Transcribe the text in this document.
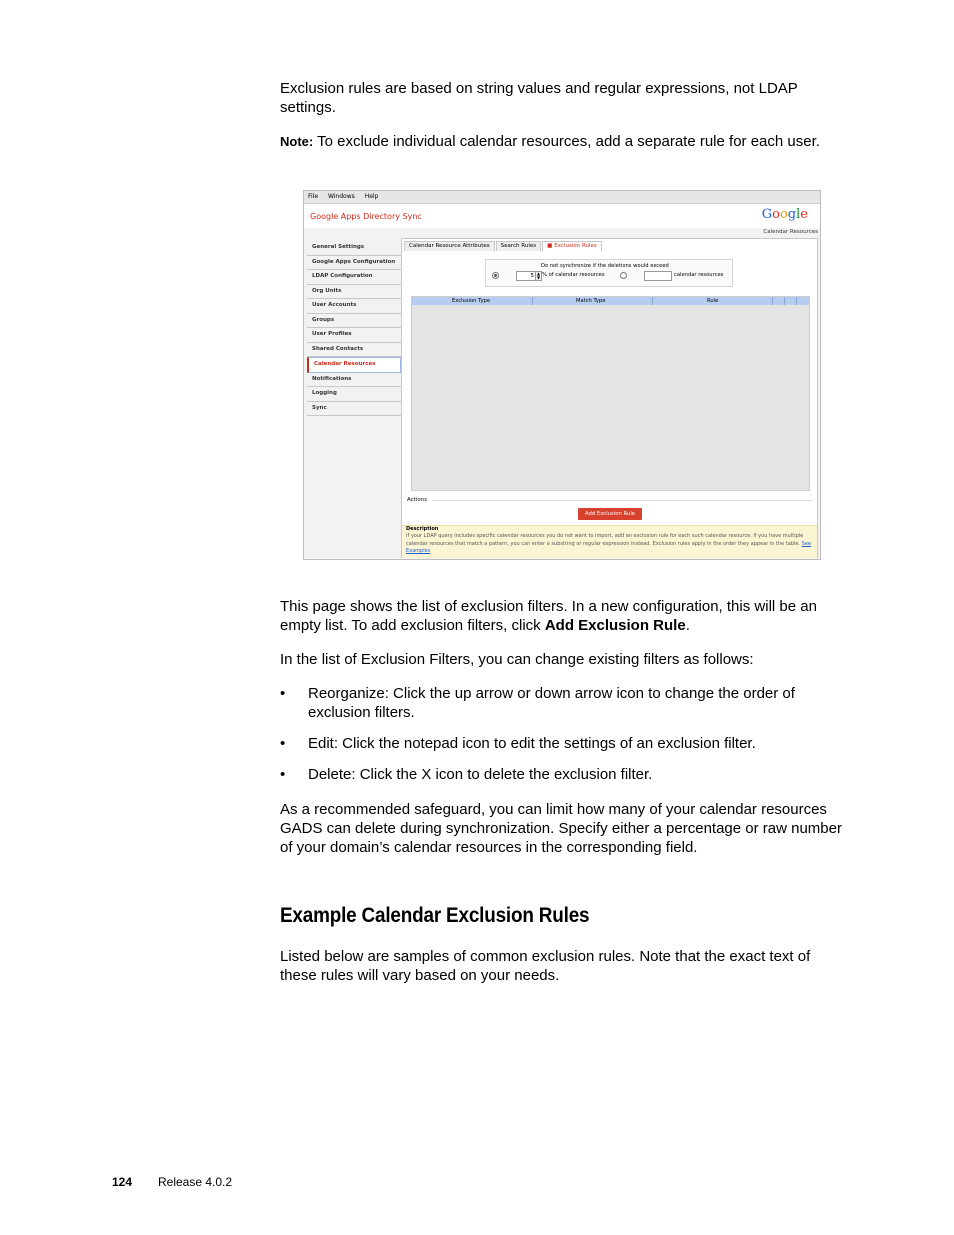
Exclusion rules are based on string values and regular expressions, not LDAP settings.

Note: To exclude individual calendar resources, add a separate rule for each user.

File Windows Help
Google Apps Directory Sync	Google
Calendar Resources
General Settings
Google Apps Configuration
LDAP Configuration
Org Units
User Accounts
Groups
User Profiles
Shared Contacts
Calendar Resources
Notifications
Logging
Sync
Calendar Resource Attributes Search Rules■	Exclusion Rules
Do not synchronize if the deletions would exceed
5 ▲
▼ % of calendar resources	calendar resources
Exclusion Type	Match Type	Rule
Actions
Add Exclusion Rule
Description
If your LDAP query includes specific calendar resources you do not want to import, add an exclusion rule for each such calendar resource. If you have multiple calendar resources that match a pattern, you can enter a substring or regular expression instead. Exclusion rules apply in the order they appear in the table. See Examples

This page shows the list of exclusion filters. In a new configuration, this will be an empty list. To add exclusion filters, click Add Exclusion Rule.

In the list of Exclusion Filters, you can change existing filters as follows:

• Reorganize: Click the up arrow or down arrow icon to change the order of exclusion filters.
• Edit: Click the notepad icon to edit the settings of an exclusion filter.
• Delete: Click the X icon to delete the exclusion filter.

As a recommended safeguard, you can limit how many of your calendar resources GADS can delete during synchronization. Specify either a percentage or raw number of your domain’s calendar resources in the corresponding field.

Example Calendar Exclusion Rules

Listed below are samples of common exclusion rules. Note that the exact text of these rules will vary based on your needs.

124 Release 4.0.2
